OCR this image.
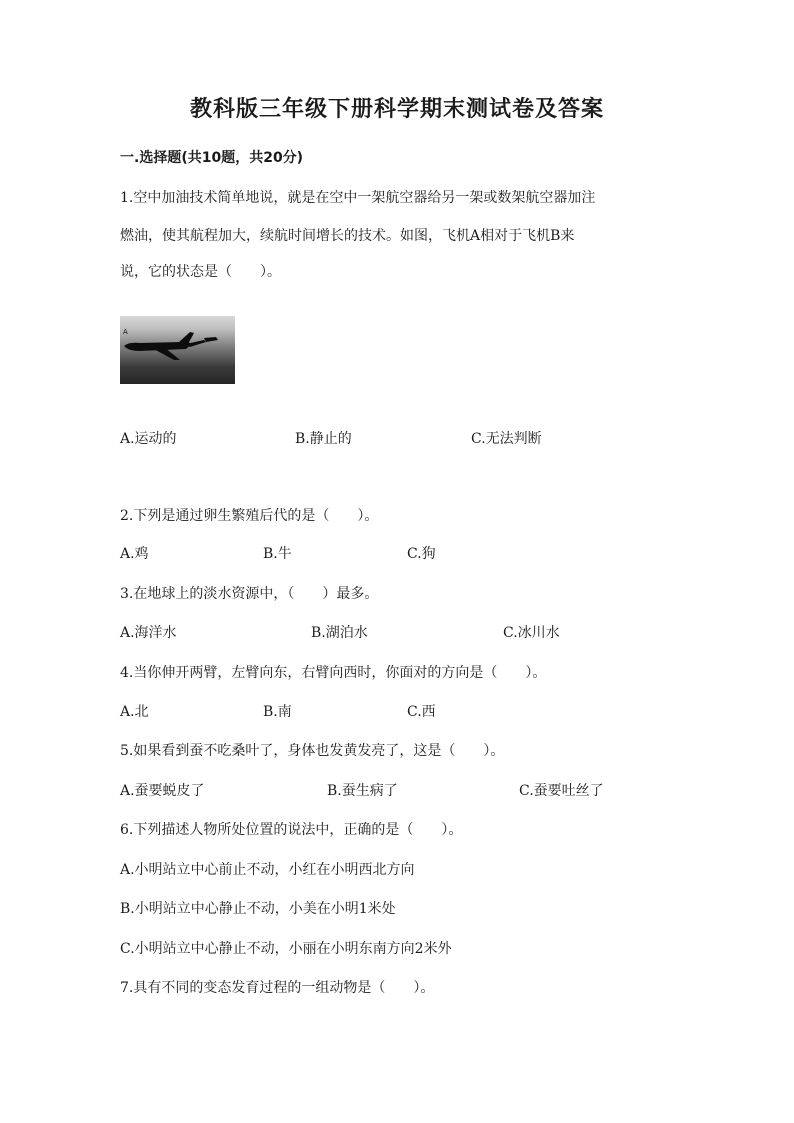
教科版三年级下册科学期末测试卷及答案
一.选择题(共10题，共20分)
1.空中加油技术简单地说，就是在空中一架航空器给另一架或数架航空器加注
燃油，使其航程加大，续航时间增长的技术。如图，飞机A相对于飞机B来
说，它的状态是（　　）。
A
A.运动的	B.静止的	C.无法判断
2.下列是通过卵生繁殖后代的是（　　）。
A.鸡	B.牛	C.狗
3.在地球上的淡水资源中，（　　）最多。
A.海洋水	B.湖泊水	C.冰川水
4.当你伸开两臂，左臂向东，右臂向西时，你面对的方向是（　　）。
A.北	B.南	C.西
5.如果看到蚕不吃桑叶了，身体也发黄发亮了，这是（　　）。
A.蚕要蜕皮了	B.蚕生病了	C.蚕要吐丝了
6.下列描述人物所处位置的说法中，正确的是（　　）。
A.小明站立中心前止不动，小红在小明西北方向
B.小明站立中心静止不动，小美在小明1米处
C.小明站立中心静止不动，小丽在小明东南方向2米外
7.具有不同的变态发育过程的一组动物是（　　）。
